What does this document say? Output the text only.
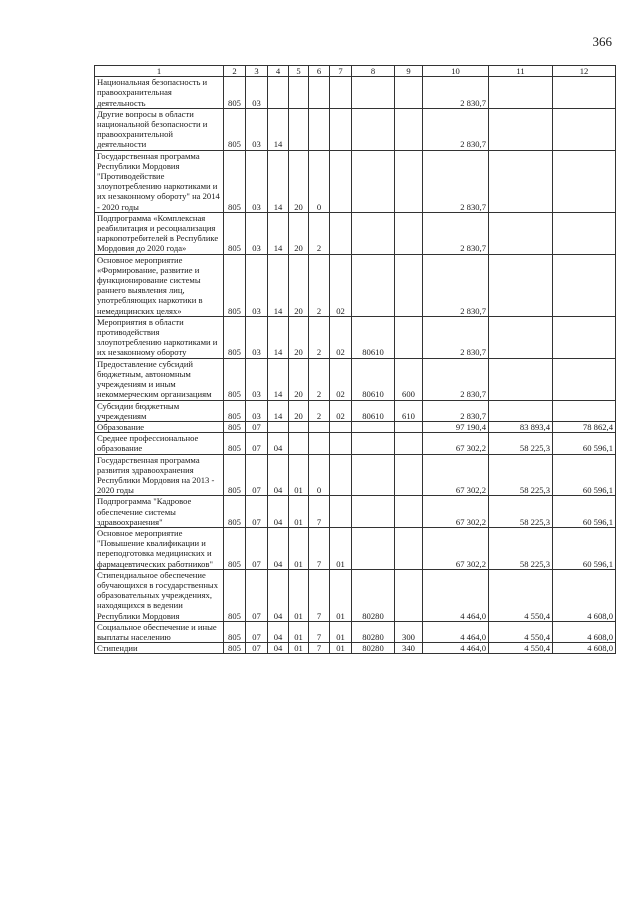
366
1	2	3	4	5	6	7	8	9	10	11	12
Национальная безопасность и правоохранительная деятельность	805	03							2 830,7		
Другие вопросы в области национальной безопасности и правоохранительной деятельности	805	03	14						2 830,7		
Государственная программа Республики Мордовия "Противодействие злоупотреблению наркотиками и их незаконному обороту" на 2014 - 2020 годы	805	03	14	20	0				2 830,7		
Подпрограмма «Комплексная реабилитация и ресоциализация наркопотребителей в Республике Мордовия до 2020 года»	805	03	14	20	2				2 830,7		
Основное мероприятие «Формирование, развитие и функционирование системы раннего выявления лиц, употребляющих наркотики в немедицинских целях»	805	03	14	20	2	02			2 830,7		
Мероприятия в области противодействия злоупотреблению наркотиками и их незаконному обороту	805	03	14	20	2	02	80610		2 830,7		
Предоставление субсидий бюджетным, автономным учреждениям и иным некоммерческим организациям	805	03	14	20	2	02	80610	600	2 830,7		
Субсидии бюджетным учреждениям	805	03	14	20	2	02	80610	610	2 830,7		
Образование	805	07							97 190,4	83 893,4	78 862,4
Среднее профессиональное образование	805	07	04						67 302,2	58 225,3	60 596,1
Государственная программа развития здравоохранения Республики Мордовия на 2013 - 2020 годы	805	07	04	01	0				67 302,2	58 225,3	60 596,1
Подпрограмма "Кадровое обеспечение системы здравоохранения"	805	07	04	01	7				67 302,2	58 225,3	60 596,1
Основное мероприятие "Повышение квалификации и переподготовка медицинских и фармацевтических работников"	805	07	04	01	7	01			67 302,2	58 225,3	60 596,1
Стипендиальное обеспечение обучающихся в государственных образовательных учреждениях, находящихся в ведении Республики Мордовия	805	07	04	01	7	01	80280		4 464,0	4 550,4	4 608,0
Социальное обеспечение и иные выплаты населению	805	07	04	01	7	01	80280	300	4 464,0	4 550,4	4 608,0
Стипендии	805	07	04	01	7	01	80280	340	4 464,0	4 550,4	4 608,0
